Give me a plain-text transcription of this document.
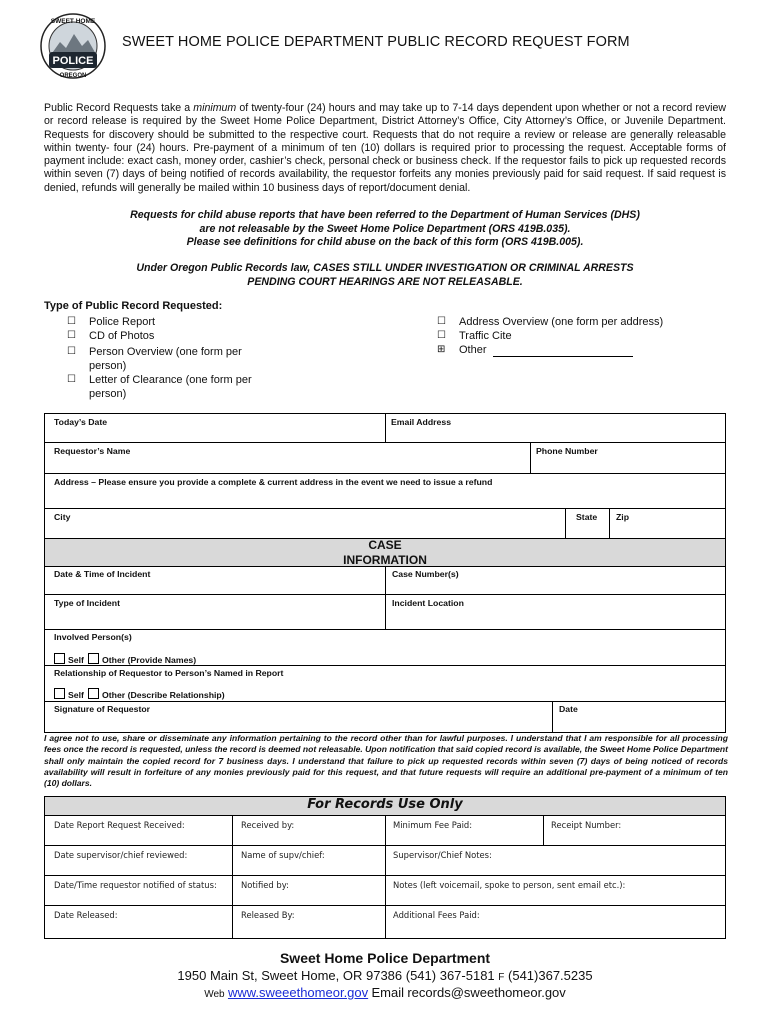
POLICE
SWEET HOME
OREGON
SWEET HOME POLICE DEPARTMENT PUBLIC RECORD REQUEST FORM
Public Record Requests take a minimum of twenty-four (24) hours and may take up to 7-14 days dependent upon whether or not a record review or record release is required by the Sweet Home Police Department, District Attorney’s Office, City Attorney’s Office, or Juvenile Department. Requests for discovery should be submitted to the respective court. Requests that do not require a review or release are generally releasable within twenty- four (24) hours. Pre-payment of a minimum of ten (10) dollars is required prior to processing the request. Acceptable forms of payment include: exact cash, money order, cashier’s check, personal check or business check. If the requestor fails to pick up requested records within seven (7) days of being notified of records availability, the requestor forfeits any monies previously paid for said request. If said request is denied, refunds will generally be mailed within 10 business days of report/document denial.
Requests for child abuse reports that have been referred to the Department of Human Services (DHS)
are not releasable by the Sweet Home Police Department (ORS 419B.035).
Please see definitions for child abuse on the back of this form (ORS 419B.005).
Under Oregon Public Records law, CASES STILL UNDER INVESTIGATION OR CRIMINAL ARRESTS
PENDING COURT HEARINGS ARE NOT RELEASABLE.
Type of Public Record Requested:
☐ Police Report
☐ CD of Photos
☐ Person Overview (one form per person)
☐ Letter of Clearance (one form per person)
☐ Address Overview (one form per address)
☐ Traffic Cite
⊞ Other
Today’s Date	Email Address
Requestor’s Name	Phone Number
Address – Please ensure you provide a complete & current address in the event we need to issue a refund
City	State Zip
CASE
INFORMATION
Date & Time of Incident	Case Number(s)
Type of Incident	Incident Location
Involved Person(s)
Self	Other (Provide Names)
Relationship of Requestor to Person’s Named in Report
Self	Other (Describe Relationship)
Signature of Requestor	Date
I agree not to use, share or disseminate any information pertaining to the record other than for lawful purposes. I understand that I am responsible for all processing fees once the record is requested, unless the record is deemed not releasable. Upon notification that said copied record is available, the Sweet Home Police Department shall only maintain the copied record for 7 business days. I understand that failure to pick up requested records within seven (7) days of being noticed of records availability will result in forfeiture of any monies previously paid for this request, and that future requests will require an additional pre-payment of a minimum of ten (10) dollars.
For Records Use Only
Date Report Request Received:	Received by:	Minimum Fee Paid:	Receipt Number:
Date supervisor/chief reviewed:	Name of supv/chief:	Supervisor/Chief Notes:
Date/Time requestor notified of status:	Notified by:	Notes (left voicemail, spoke to person, sent email etc.):
Date Released:	Released By:	Additional Fees Paid:
Sweet Home Police Department
1950 Main St, Sweet Home, OR 97386 (541) 367-5181 F (541)367.5235
Web www.sweeethomeor.gov Email records@sweethomeor.gov
